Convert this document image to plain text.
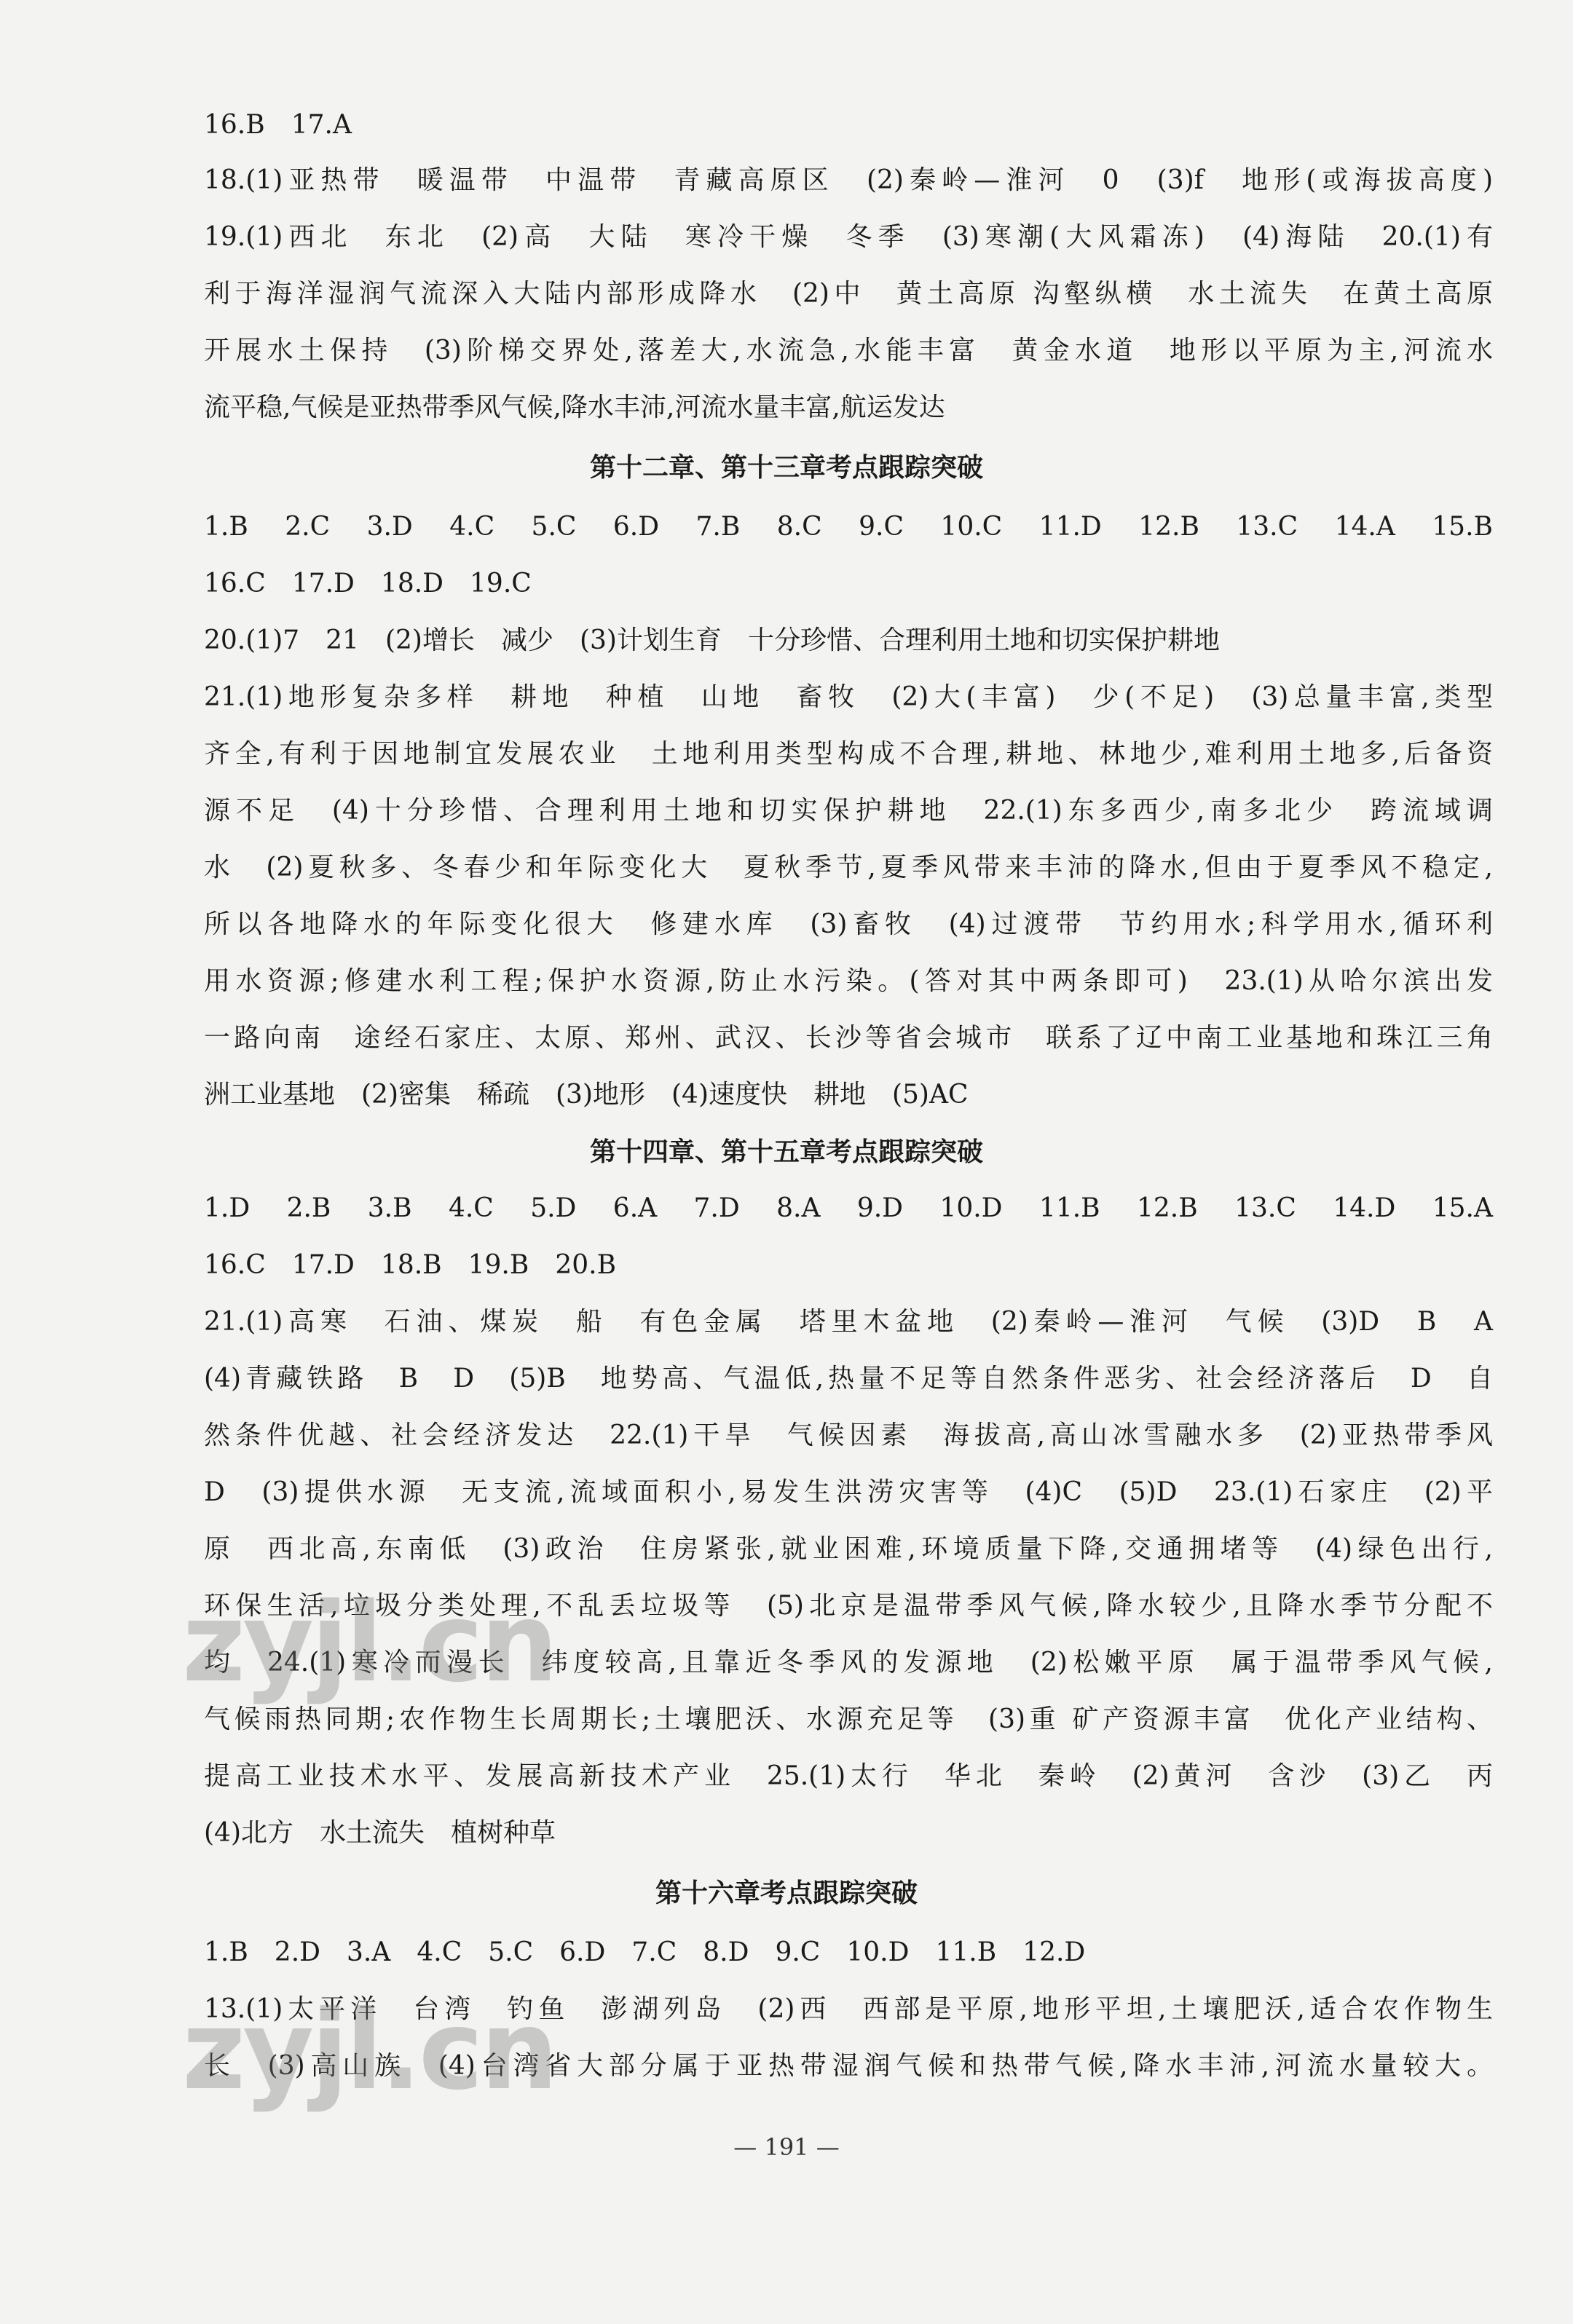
16.B　17.A
18.(1)亚热带　暖温带　中温带　青藏高原区　(2)秦岭—淮河　0　(3)f　地形(或海拔高度)
19.(1)西北　东北　(2)高　大陆　寒冷干燥　冬季　(3)寒潮(大风霜冻)　(4)海陆　20.(1)有
利于海洋湿润气流深入大陆内部形成降水　(2)中　黄土高原 沟壑纵横　水土流失　在黄土高原
开展水土保持　(3)阶梯交界处,落差大,水流急,水能丰富　黄金水道　地形以平原为主,河流水
流平稳,气候是亚热带季风气候,降水丰沛,河流水量丰富,航运发达
第十二章、第十三章考点跟踪突破
1.B　2.C　3.D　4.C　5.C　6.D　7.B　8.C　9.C　10.C　11.D　12.B　13.C　14.A　15.B
16.C　17.D　18.D　19.C
20.(1)7　21　(2)增长　减少　(3)计划生育　十分珍惜、合理利用土地和切实保护耕地
21.(1)地形复杂多样　耕地　种植　山地　畜牧　(2)大(丰富)　少(不足)　(3)总量丰富,类型
齐全,有利于因地制宜发展农业　土地利用类型构成不合理,耕地、林地少,难利用土地多,后备资
源不足　(4)十分珍惜、合理利用土地和切实保护耕地　22.(1)东多西少,南多北少　跨流域调
水　(2)夏秋多、冬春少和年际变化大　夏秋季节,夏季风带来丰沛的降水,但由于夏季风不稳定,
所以各地降水的年际变化很大　修建水库　(3)畜牧　(4)过渡带　节约用水;科学用水,循环利
用水资源;修建水利工程;保护水资源,防止水污染。(答对其中两条即可)　23.(1)从哈尔滨出发
一路向南　途经石家庄、太原、郑州、武汉、长沙等省会城市　联系了辽中南工业基地和珠江三角
洲工业基地　(2)密集　稀疏　(3)地形　(4)速度快　耕地　(5)AC
第十四章、第十五章考点跟踪突破
1.D　2.B　3.B　4.C　5.D　6.A　7.D　8.A　9.D　10.D　11.B　12.B　13.C　14.D　15.A
16.C　17.D　18.B　19.B　20.B
21.(1)高寒　石油、煤炭　船　有色金属　塔里木盆地　(2)秦岭—淮河　气候　(3)D　B　A
(4)青藏铁路　B　D　(5)B　地势高、气温低,热量不足等自然条件恶劣、社会经济落后　D　自
然条件优越、社会经济发达　22.(1)干旱　气候因素　海拔高,高山冰雪融水多　(2)亚热带季风
D　(3)提供水源　无支流,流域面积小,易发生洪涝灾害等　(4)C　(5)D　23.(1)石家庄　(2)平
原　西北高,东南低　(3)政治　住房紧张,就业困难,环境质量下降,交通拥堵等　(4)绿色出行,
环保生活,垃圾分类处理,不乱丢垃圾等　(5)北京是温带季风气候,降水较少,且降水季节分配不
均　24.(1)寒冷而漫长　纬度较高,且靠近冬季风的发源地　(2)松嫩平原　属于温带季风气候,
气候雨热同期;农作物生长周期长;土壤肥沃、水源充足等　(3)重 矿产资源丰富　优化产业结构、
提高工业技术水平、发展高新技术产业　25.(1)太行　华北　秦岭　(2)黄河　含沙　(3)乙　丙
(4)北方　水土流失　植树种草
第十六章考点跟踪突破
1.B　2.D　3.A　4.C　5.C　6.D　7.C　8.D　9.C　10.D　11.B　12.D
13.(1)太平洋　台湾　钓鱼　澎湖列岛　(2)西　西部是平原,地形平坦,土壤肥沃,适合农作物生
长　(3)高山族　(4)台湾省大部分属于亚热带湿润气候和热带气候,降水丰沛,河流水量较大。
— 191 —
zyjl.cn
zyjl.cn
